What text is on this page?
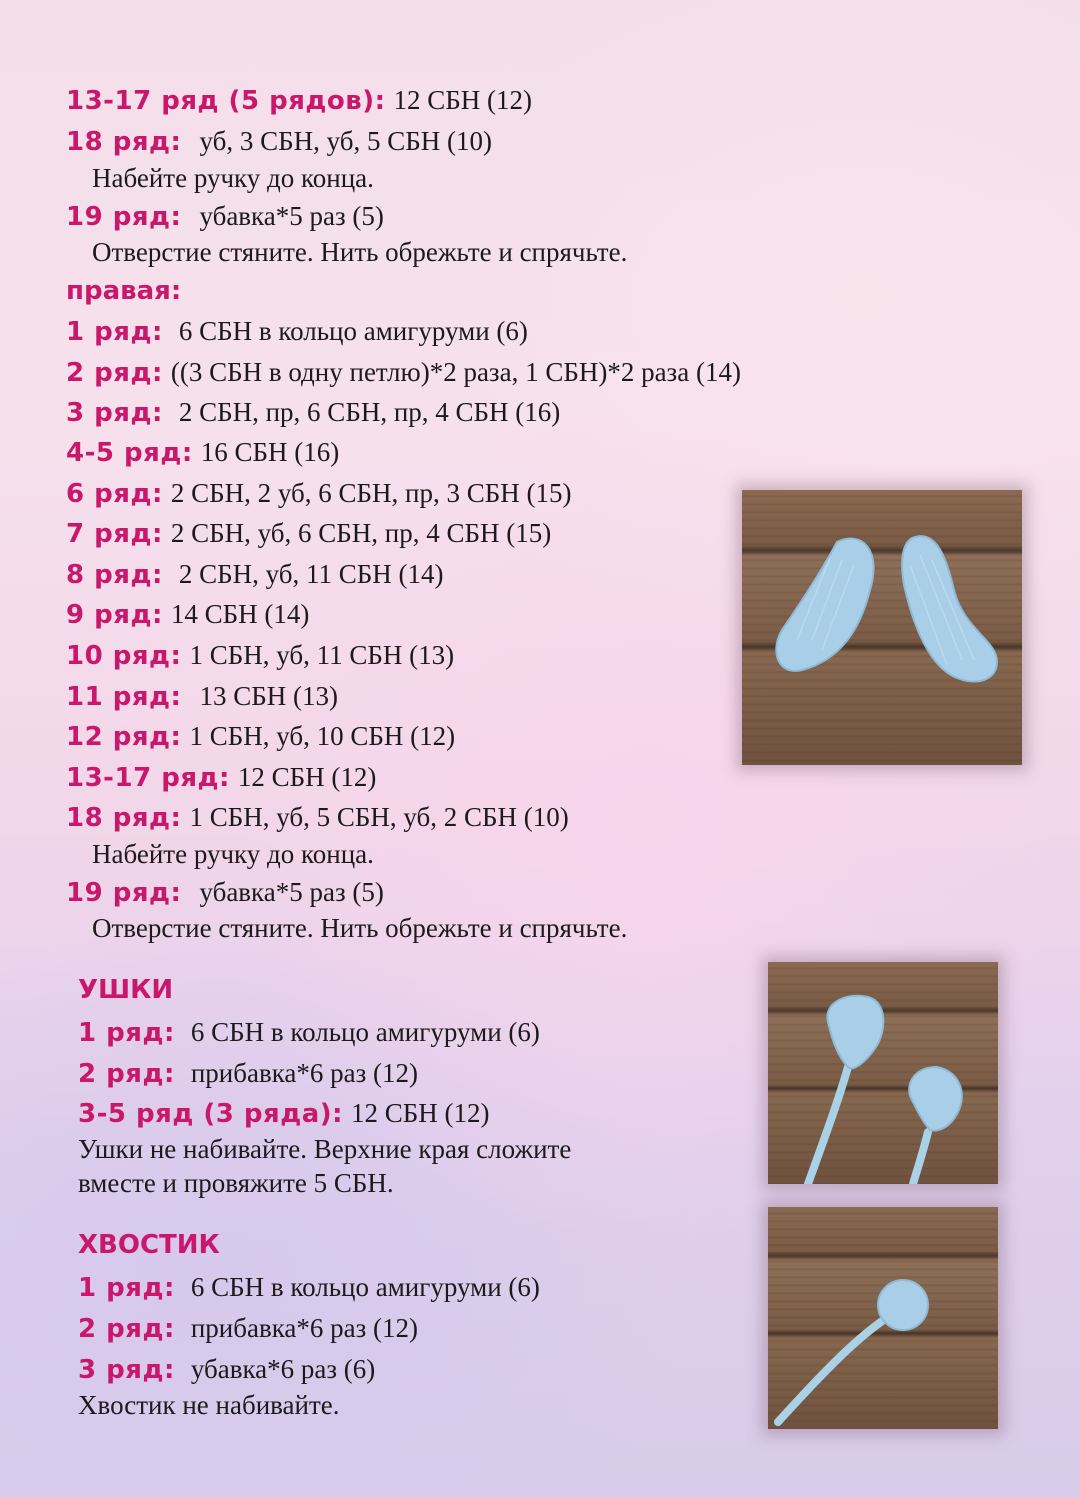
13-17 ряд (5 рядов): 12 СБН (12)
18 ряд: уб, 3 СБН, уб, 5 СБН (10)
Набейте ручку до конца.
19 ряд: убавка*5 раз (5)
Отверстие стяните. Нить обрежьте и спрячьте.
правая:
1 ряд: 6 СБН в кольцо амигуруми (6)
2 ряд: ((3 СБН в одну петлю)*2 раза, 1 СБН)*2 раза (14)
3 ряд: 2 СБН, пр, 6 СБН, пр, 4 СБН (16)
4-5 ряд: 16 СБН (16)
6 ряд: 2 СБН, 2 уб, 6 СБН, пр, 3 СБН (15)
7 ряд: 2 СБН, уб, 6 СБН, пр, 4 СБН (15)
8 ряд: 2 СБН, уб, 11 СБН (14)
9 ряд: 14 СБН (14)
10 ряд: 1 СБН, уб, 11 СБН (13)
11 ряд: 13 СБН (13)
12 ряд: 1 СБН, уб, 10 СБН (12)
13-17 ряд: 12 СБН (12)
18 ряд: 1 СБН, уб, 5 СБН, уб, 2 СБН (10)
Набейте ручку до конца.
19 ряд: убавка*5 раз (5)
Отверстие стяните. Нить обрежьте и спрячьте.
УШКИ
1 ряд: 6 СБН в кольцо амигуруми (6)
2 ряд: прибавка*6 раз (12)
3-5 ряд (3 ряда): 12 СБН (12)
Ушки не набивайте. Верхние края сложите
вместе и провяжите 5 СБН.
ХВОСТИК
1 ряд: 6 СБН в кольцо амигуруми (6)
2 ряд: прибавка*6 раз (12)
3 ряд: убавка*6 раз (6)
Хвостик не набивайте.
